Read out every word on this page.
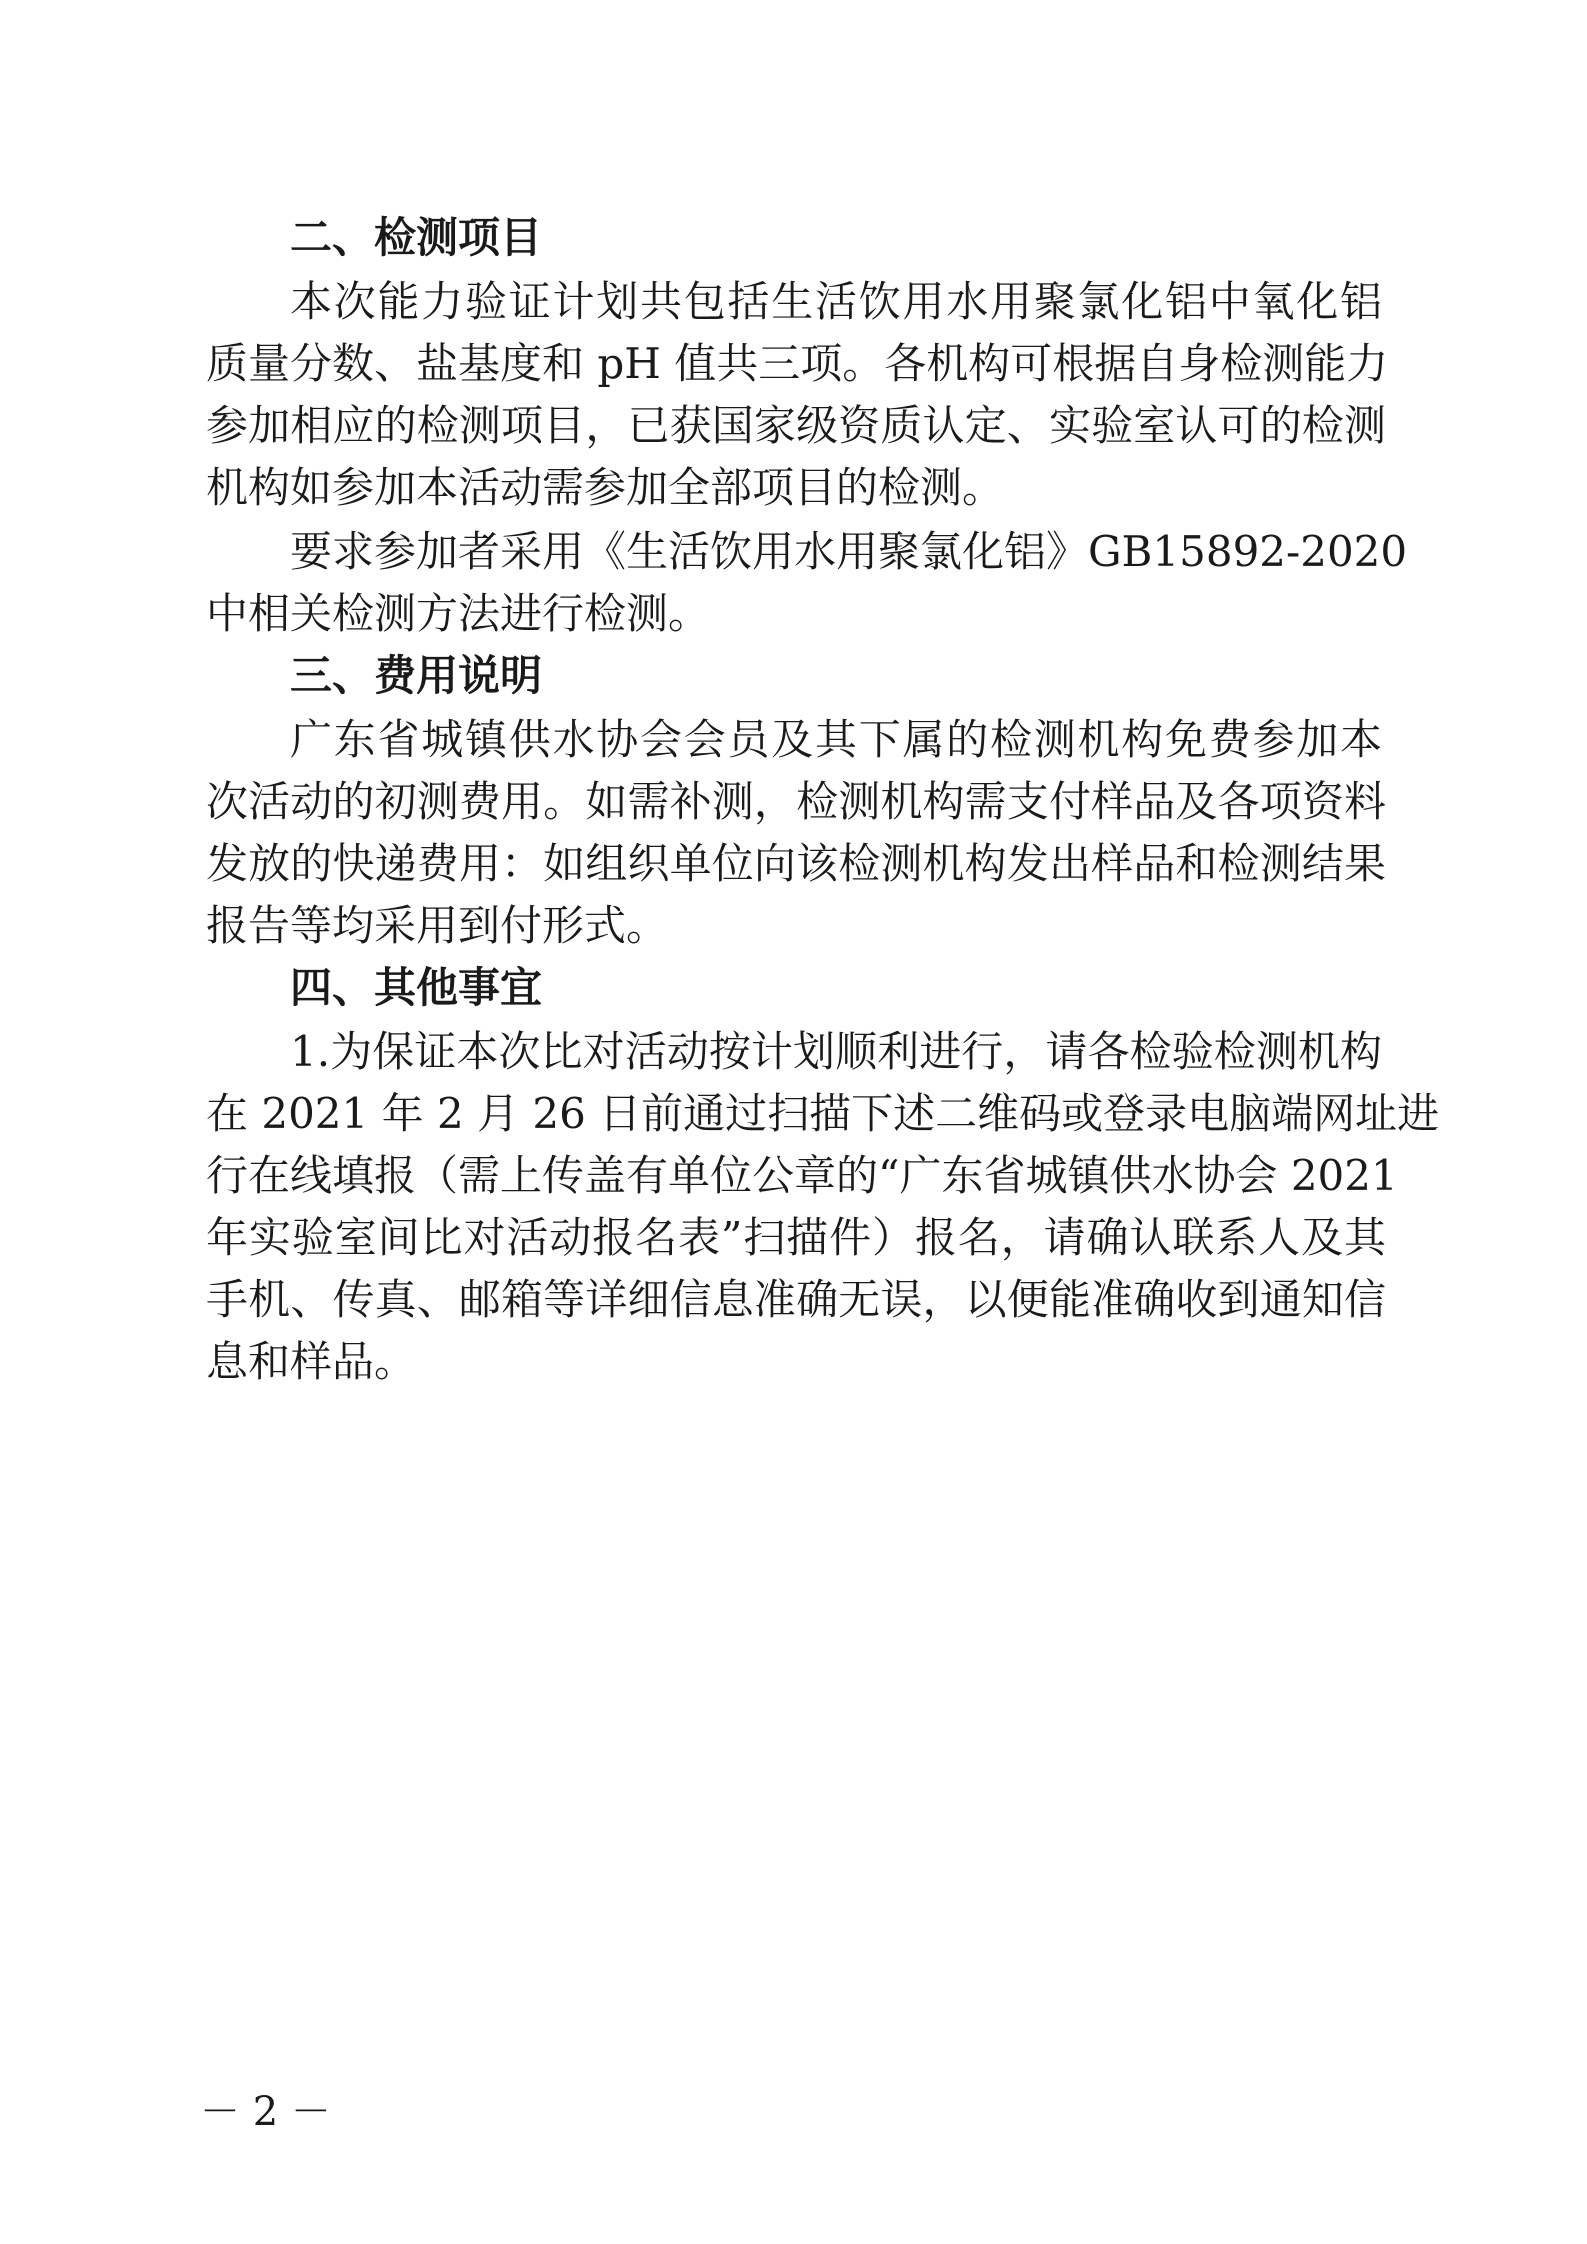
二、检测项目
本次能力验证计划共包括生活饮用水用聚氯化铝中氧化铝
质量分数、盐基度和 pH 值共三项。各机构可根据自身检测能力
参加相应的检测项目，已获国家级资质认定、实验室认可的检测
机构如参加本活动需参加全部项目的检测。
要求参加者采用《生活饮用水用聚氯化铝》GB15892-2020
中相关检测方法进行检测。
三、费用说明
广东省城镇供水协会会员及其下属的检测机构免费参加本
次活动的初测费用。如需补测，检测机构需支付样品及各项资料
发放的快递费用：如组织单位向该检测机构发出样品和检测结果
报告等均采用到付形式。
四、其他事宜
1.为保证本次比对活动按计划顺利进行，请各检验检测机构
在 2021 年 2 月 26 日前通过扫描下述二维码或登录电脑端网址进
行在线填报（需上传盖有单位公章的“广东省城镇供水协会 2021
年实验室间比对活动报名表”扫描件）报名，请确认联系人及其
手机、传真、邮箱等详细信息准确无误，以便能准确收到通知信
息和样品。
－ 2 －
